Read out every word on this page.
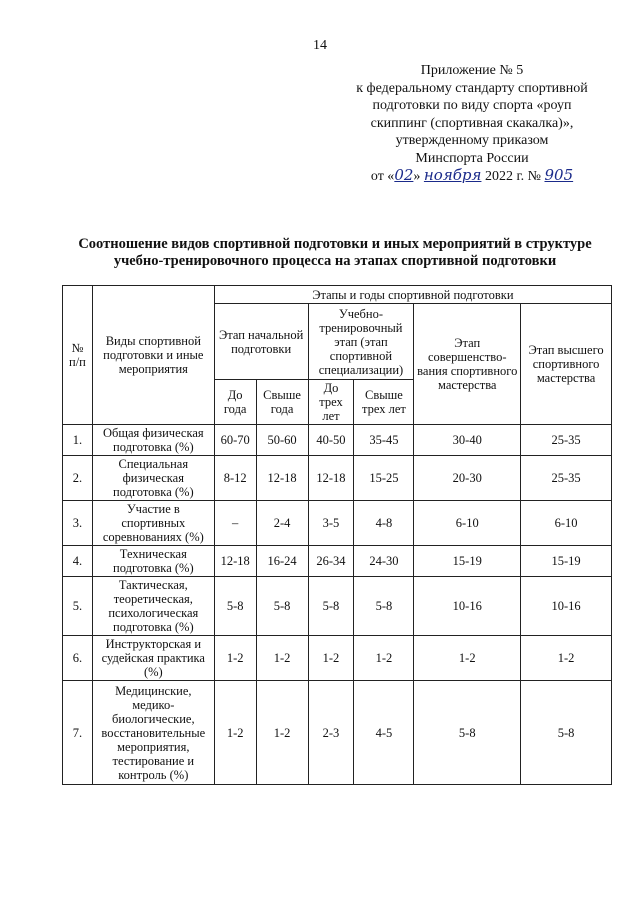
14
Приложение № 5
к федеральному стандарту спортивной
подготовки по виду спорта «роуп
скиппинг (спортивная скакалка)»,
утвержденному приказом
Минспорта России
от «02» ноября 2022 г. № 905
Соотношение видов спортивной подготовки и иных мероприятий в структуре
учебно-тренировочного процесса на этапах спортивной подготовки
№ п/п	Виды спортивной подготовки и иные мероприятия	Этапы и годы спортивной подготовки					
		Этап начальной подготовки		Учебно-тренировочный этап (этап спортивной специализации)		Этап совершенство-вания спортивного мастерства	Этап высшего спортивного мастерства
		До года	Свыше года	До трех лет	Свыше трех лет		
1.	Общая физическая подготовка (%)	60-70	50-60	40-50	35-45	30-40	25-35
2.	Специальная физическая подготовка (%)	8-12	12-18	12-18	15-25	20-30	25-35
3.	Участие в спортивных соревнованиях (%)	–	2-4	3-5	4-8	6-10	6-10
4.	Техническая подготовка (%)	12-18	16-24	26-34	24-30	15-19	15-19
5.	Тактическая, теоретическая, психологическая подготовка (%)	5-8	5-8	5-8	5-8	10-16	10-16
6.	Инструкторская и судейская практика (%)	1-2	1-2	1-2	1-2	1-2	1-2
7.	Медицинские, медико-биологические, восстановительные мероприятия, тестирование и контроль (%)	1-2	1-2	2-3	4-5	5-8	5-8
